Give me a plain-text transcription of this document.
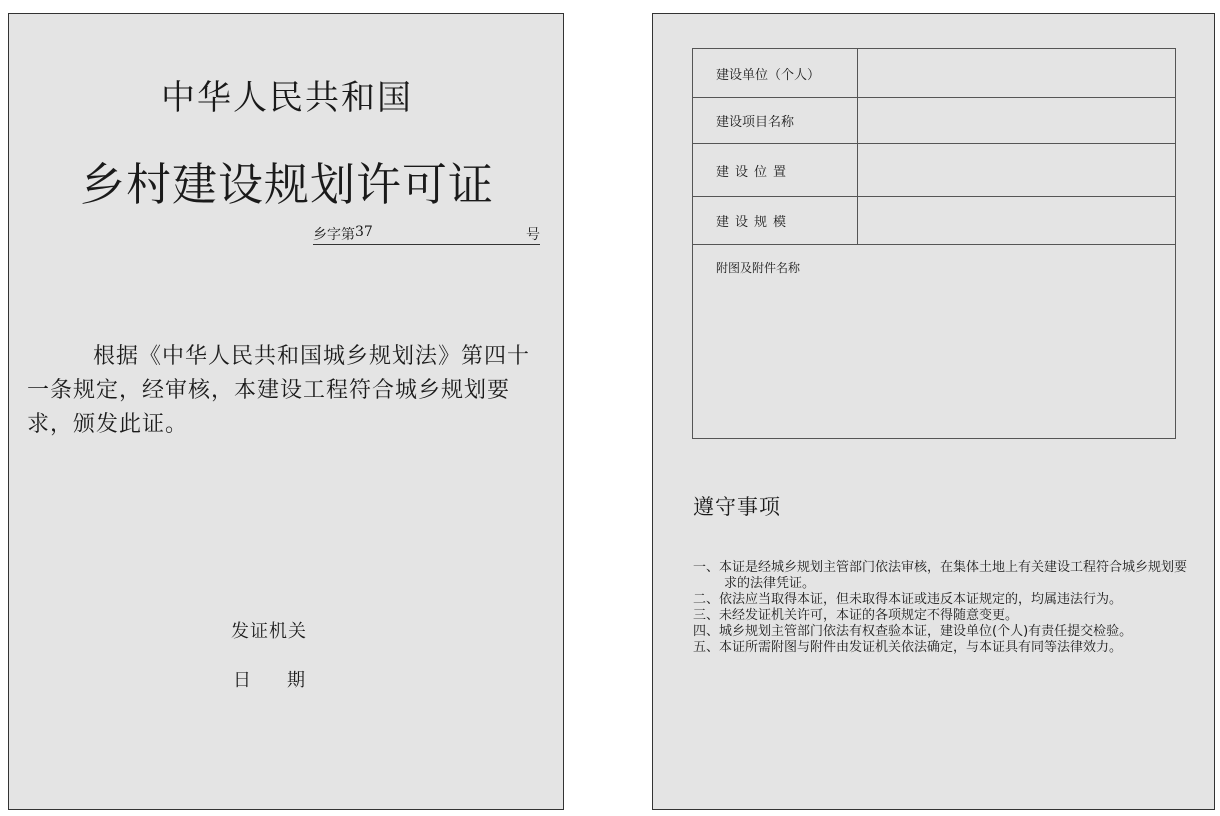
中华人民共和国
乡村建设规划许可证
乡字第 37	号
根据《中华人民共和国城乡规划法》第四十一条规定，经审核，本建设工程符合城乡规划要求，颁发此证。
发证机关
日期
建设单位（个人）
建设项目名称
建设位置
建设规模
附图及附件名称
遵守事项

一、本证是经城乡规划主管部门依法审核，在集体土地上有关建设工程符合城乡规划要求的法律凭证。

二、依法应当取得本证，但未取得本证或违反本证规定的，均属违法行为。

三、未经发证机关许可，本证的各项规定不得随意变更。

四、城乡规划主管部门依法有权查验本证，建设单位(个人)有责任提交检验。

五、本证所需附图与附件由发证机关依法确定，与本证具有同等法律效力。
